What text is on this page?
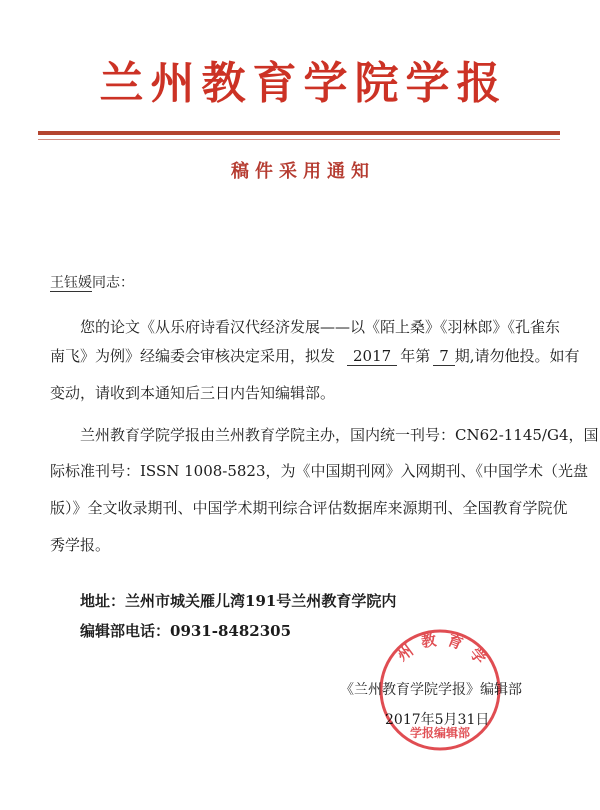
兰州教育学院学报
稿件采用通知
王钰媛同志：
您的论文《从乐府诗看汉代经济发展——以《陌上桑》《羽林郎》《孔雀东
南飞》为例》经编委会审核决定采用，拟发 2017 年第 7 期,请勿他投。如有
变动，请收到本通知后三日内告知编辑部。
兰州教育学院学报由兰州教育学院主办，国内统一刊号：CN62-1145/G4，国
际标准刊号：ISSN 1008-5823，为《中国期刊网》入网期刊、《中国学术（光盘
版）》全文收录期刊、中国学术期刊综合评估数据库来源期刊、全国教育学院优
秀学报。
地址：兰州市城关雁儿湾191号兰州教育学院内
编辑部电话：0931-8482305
《兰州教育学院学报》编辑部
2017年5月31日
州教育学
学报编辑部
